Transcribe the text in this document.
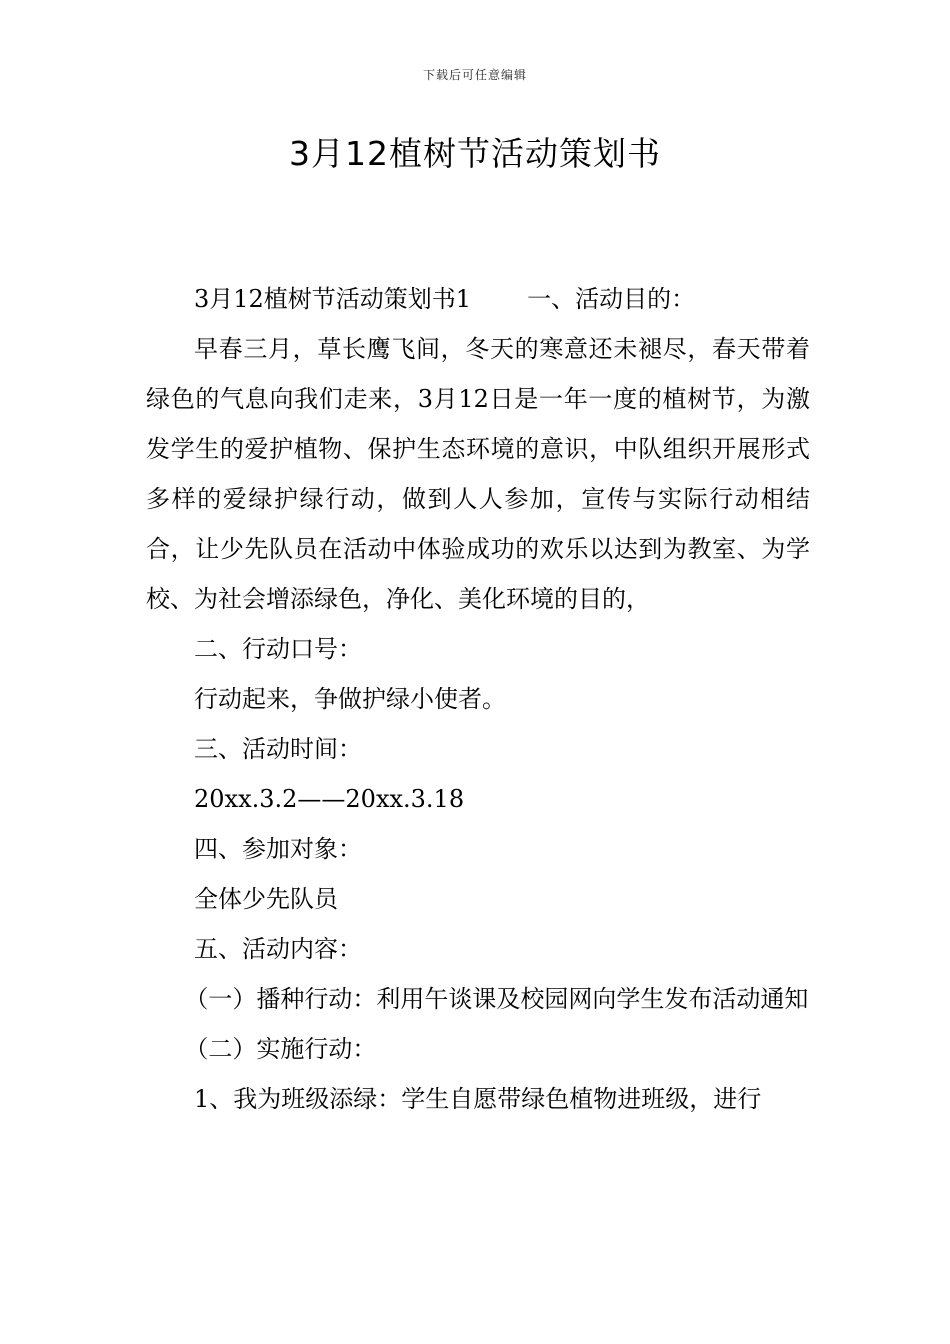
下载后可任意编辑
3月12植树节活动策划书

3月12植树节活动策划书1 一、活动目的：

早春三月，草长鹰飞间，冬天的寒意还未褪尽，春天带着绿色的气息向我们走来，3月12日是一年一度的植树节，为激发学生的爱护植物、保护生态环境的意识，中队组织开展形式多样的爱绿护绿行动，做到人人参加，宣传与实际行动相结合，让少先队员在活动中体验成功的欢乐以达到为教室、为学校、为社会增添绿色，净化、美化环境的目的，

二、行动口号：

行动起来，争做护绿小使者。

三、活动时间：

20xx.3.2——20xx.3.18

四、参加对象：

全体少先队员

五、活动内容：

（一）播种行动：利用午谈课及校园网向学生发布活动通知

（二）实施行动：

1、我为班级添绿：学生自愿带绿色植物进班级，进行
